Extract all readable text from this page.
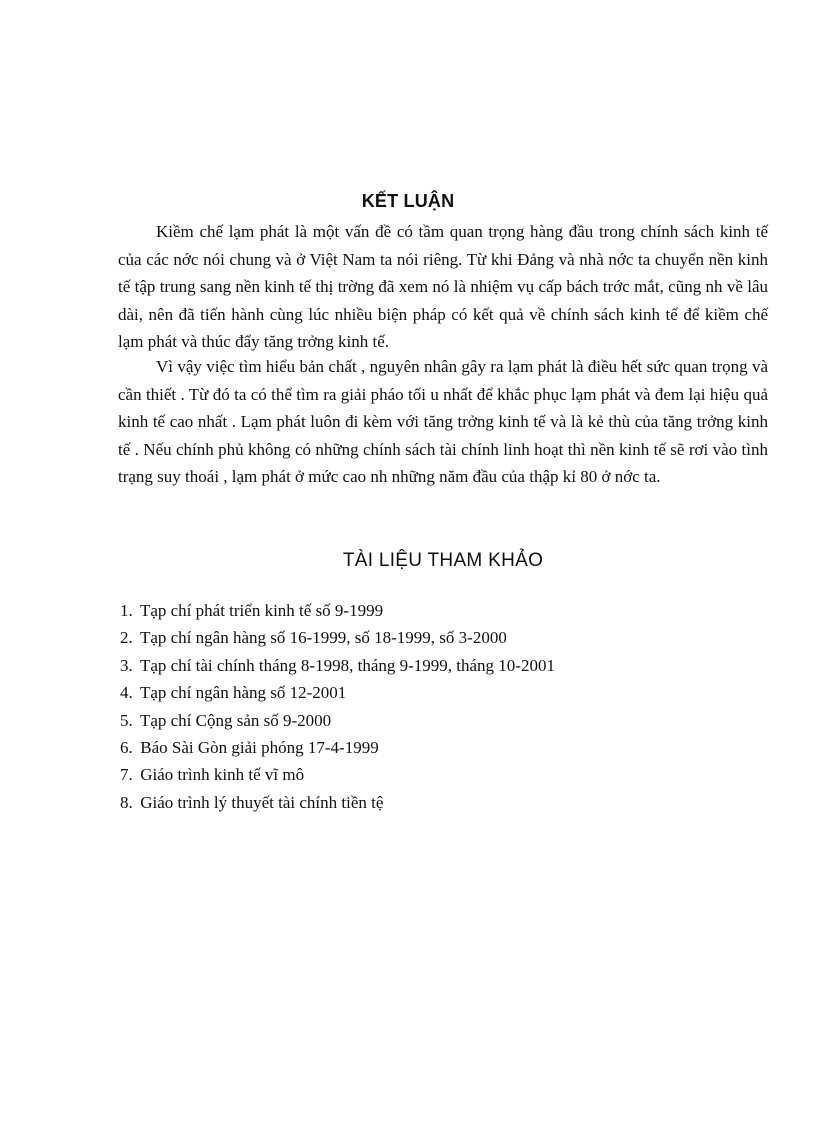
KẾT LUẬN

Kiềm chế lạm phát là một vấn đề có tầm quan trọng hàng đầu trong chính sách kinh tế của các nớc nói chung và ở Việt Nam ta nói riêng. Từ khi Đảng và nhà nớc ta chuyển nền kinh tế tập trung sang nền kinh tế thị trờng đã xem nó là nhiệm vụ cấp bách trớc mắt, cũng nh về lâu dài, nên đã tiến hành cùng lúc nhiều biện pháp có kết quả về chính sách kinh tế để kiềm chế lạm phát và thúc đẩy tăng trởng kinh tế.

Vì vậy việc tìm hiểu bản chất , nguyên nhân gây ra lạm phát là điều hết sức quan trọng và cần thiết . Từ đó ta có thể tìm ra giải pháo tối u nhất để khắc phục lạm phát và đem lại hiệu quả kinh tế cao nhất . Lạm phát luôn đi kèm với tăng trởng kinh tế và là kẻ thù của tăng trởng kinh tế . Nếu chính phủ không có những chính sách tài chính linh hoạt thì nền kinh tế sẽ rơi vào tình trạng suy thoái , lạm phát ở mức cao nh những năm đầu của thập kỉ 80 ở nớc ta.

TÀI LIỆU THAM KHẢO
1. Tạp chí phát triển kinh tế số 9-1999
2. Tạp chí ngân hàng số 16-1999, số 18-1999, số 3-2000
3. Tạp chí tài chính tháng 8-1998, tháng 9-1999, tháng 10-2001
4. Tạp chí ngân hàng số 12-2001
5. Tạp chí Cộng sản số 9-2000
6. Báo Sài Gòn giải phóng 17-4-1999
7. Giáo trình kinh tế vĩ mô
8. Giáo trình lý thuyết tài chính tiền tệ
